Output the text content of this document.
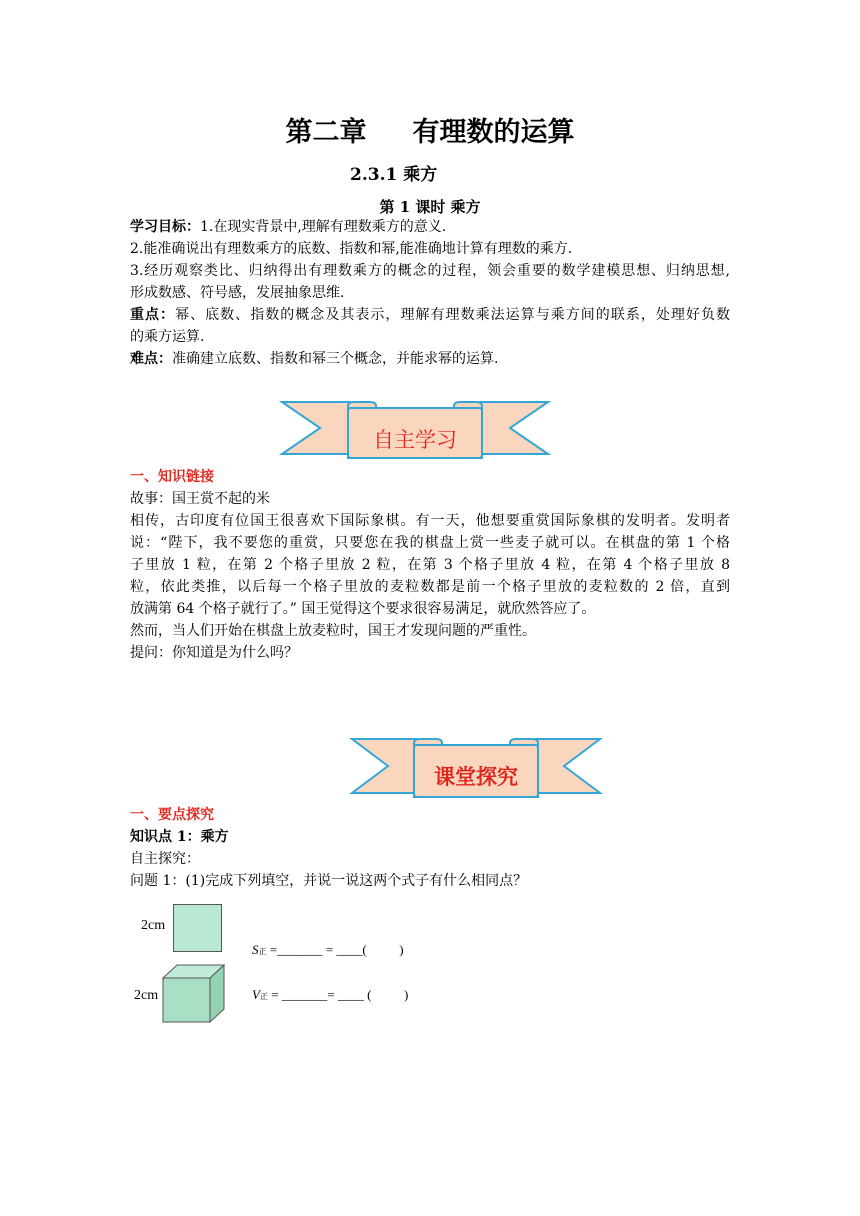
第二章 有理数的运算
2.3.1 乘方
第 1 课时 乘方
学习目标：1.在现实背景中,理解有理数乘方的意义.
2.能准确说出有理数乘方的底数、指数和幂,能准确地计算有理数的乘方.
3.经历观察类比、归纳得出有理数乘方的概念的过程，领会重要的数学建模思想、归纳思想,
形成数感、符号感，发展抽象思维.
重点：幂、底数、指数的概念及其表示，理解有理数乘法运算与乘方间的联系，处理好负数
的乘方运算.
难点：准确建立底数、指数和幂三个概念，并能求幂的运算.
自主学习
一、知识链接
故事：国王赏不起的米
相传，古印度有位国王很喜欢下国际象棋。有一天，他想要重赏国际象棋的发明者。发明者
说：“陛下，我不要您的重赏，只要您在我的棋盘上赏一些麦子就可以。在棋盘的第 1 个格
子里放 1 粒，在第 2 个格子里放 2 粒，在第 3 个格子里放 4 粒，在第 4 个格子里放 8
粒，依此类推，以后每一个格子里放的麦粒数都是前一个格子里放的麦粒数的 2 倍，直到
放满第 64 个格子就行了。” 国王觉得这个要求很容易满足，就欣然答应了。
然而，当人们开始在棋盘上放麦粒时，国王才发现问题的严重性。
提问：你知道是为什么吗？
课堂探究
一、要点探究
知识点 1：乘方
自主探究：
问题 1：(1)完成下列填空，并说一说这两个式子有什么相同点？
2cm
2cm
S正 =_______ = ____(          )
V正 = _______= ____ (          )
